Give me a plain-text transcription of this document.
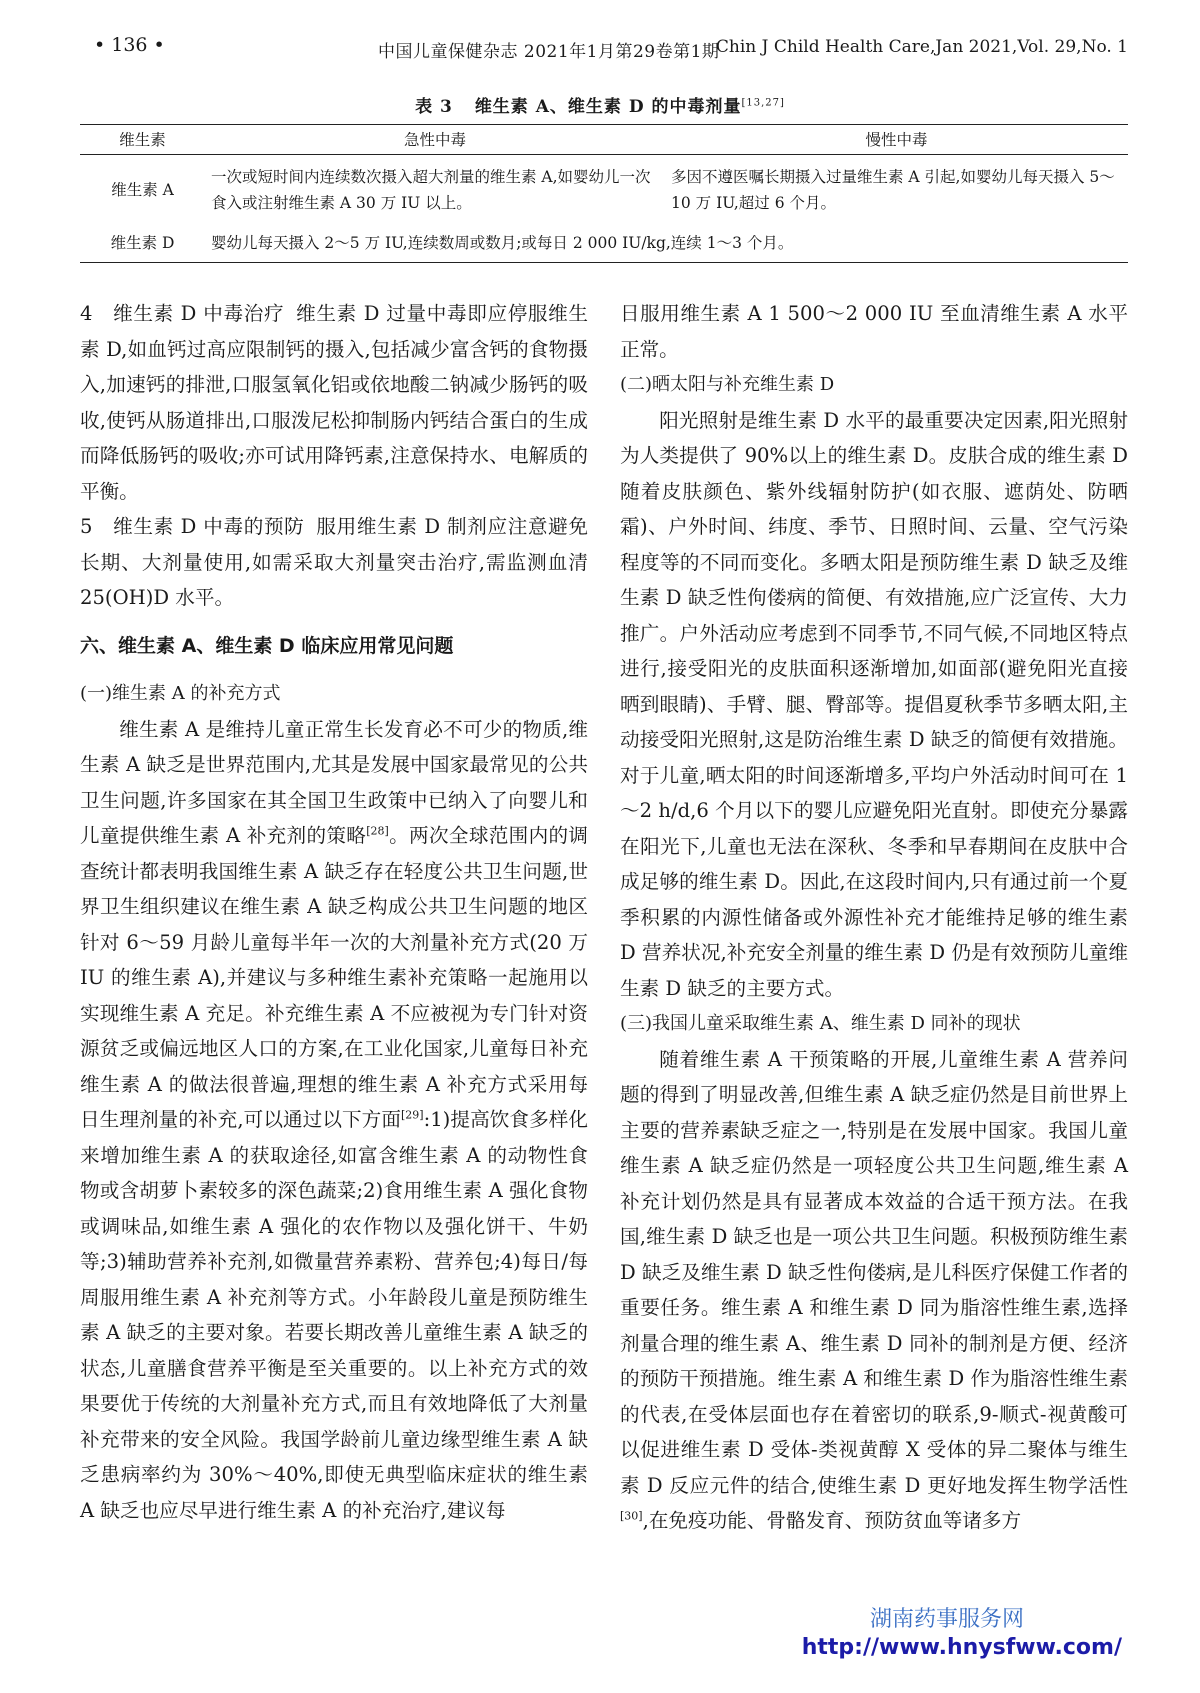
• 136 •	中国儿童保健杂志 2021年1月第29卷第1期
Chin J Child Health Care,Jan 2021,Vol. 29,No. 1
表 3 维生素 A、维生素 D 的中毒剂量[13,27]
维生素	急性中毒	慢性中毒
维生素 A	一次或短时间内连续数次摄入超大剂量的维生素 A,如婴幼儿一次食入或注射维生素 A 30 万 IU 以上。	多因不遵医嘱长期摄入过量维生素 A 引起,如婴幼儿每天摄入 5～10 万 IU,超过 6 个月。
维生素 D	婴幼儿每天摄入 2～5 万 IU,连续数周或数月;或每日 2 000 IU/kg,连续 1～3 个月。	

4 维生素 D 中毒治疗 维生素 D 过量中毒即应停服维生素 D,如血钙过高应限制钙的摄入,包括减少富含钙的食物摄入,加速钙的排泄,口服氢氧化铝或依地酸二钠减少肠钙的吸收,使钙从肠道排出,口服泼尼松抑制肠内钙结合蛋白的生成而降低肠钙的吸收;亦可试用降钙素,注意保持水、电解质的平衡。

5 维生素 D 中毒的预防 服用维生素 D 制剂应注意避免长期、大剂量使用,如需采取大剂量突击治疗,需监测血清 25(OH)D 水平。

六、维生素 A、维生素 D 临床应用常见问题

(一)维生素 A 的补充方式

维生素 A 是维持儿童正常生长发育必不可少的物质,维生素 A 缺乏是世界范围内,尤其是发展中国家最常见的公共卫生问题,许多国家在其全国卫生政策中已纳入了向婴儿和儿童提供维生素 A 补充剂的策略[28]。两次全球范围内的调查统计都表明我国维生素 A 缺乏存在轻度公共卫生问题,世界卫生组织建议在维生素 A 缺乏构成公共卫生问题的地区针对 6～59 月龄儿童每半年一次的大剂量补充方式(20 万 IU 的维生素 A),并建议与多种维生素补充策略一起施用以实现维生素 A 充足。补充维生素 A 不应被视为专门针对资源贫乏或偏远地区人口的方案,在工业化国家,儿童每日补充维生素 A 的做法很普遍,理想的维生素 A 补充方式采用每日生理剂量的补充,可以通过以下方面[29]:1)提高饮食多样化来增加维生素 A 的获取途径,如富含维生素 A 的动物性食物或含胡萝卜素较多的深色蔬菜;2)食用维生素 A 强化食物或调味品,如维生素 A 强化的农作物以及强化饼干、牛奶等;3)辅助营养补充剂,如微量营养素粉、营养包;4)每日/每周服用维生素 A 补充剂等方式。小年龄段儿童是预防维生素 A 缺乏的主要对象。若要长期改善儿童维生素 A 缺乏的状态,儿童膳食营养平衡是至关重要的。以上补充方式的效果要优于传统的大剂量补充方式,而且有效地降低了大剂量补充带来的安全风险。我国学龄前儿童边缘型维生素 A 缺乏患病率约为 30%～40%,即使无典型临床症状的维生素 A 缺乏也应尽早进行维生素 A 的补充治疗,建议每

日服用维生素 A 1 500～2 000 IU 至血清维生素 A 水平正常。

(二)晒太阳与补充维生素 D

阳光照射是维生素 D 水平的最重要决定因素,阳光照射为人类提供了 90%以上的维生素 D。皮肤合成的维生素 D 随着皮肤颜色、紫外线辐射防护(如衣服、遮荫处、防晒霜)、户外时间、纬度、季节、日照时间、云量、空气污染程度等的不同而变化。多晒太阳是预防维生素 D 缺乏及维生素 D 缺乏性佝偻病的简便、有效措施,应广泛宣传、大力推广。户外活动应考虑到不同季节,不同气候,不同地区特点进行,接受阳光的皮肤面积逐渐增加,如面部(避免阳光直接晒到眼睛)、手臂、腿、臀部等。提倡夏秋季节多晒太阳,主动接受阳光照射,这是防治维生素 D 缺乏的简便有效措施。对于儿童,晒太阳的时间逐渐增多,平均户外活动时间可在 1～2 h/d,6 个月以下的婴儿应避免阳光直射。即使充分暴露在阳光下,儿童也无法在深秋、冬季和早春期间在皮肤中合成足够的维生素 D。因此,在这段时间内,只有通过前一个夏季积累的内源性储备或外源性补充才能维持足够的维生素 D 营养状况,补充安全剂量的维生素 D 仍是有效预防儿童维生素 D 缺乏的主要方式。

(三)我国儿童采取维生素 A、维生素 D 同补的现状

随着维生素 A 干预策略的开展,儿童维生素 A 营养问题的得到了明显改善,但维生素 A 缺乏症仍然是目前世界上主要的营养素缺乏症之一,特别是在发展中国家。我国儿童维生素 A 缺乏症仍然是一项轻度公共卫生问题,维生素 A 补充计划仍然是具有显著成本效益的合适干预方法。在我国,维生素 D 缺乏也是一项公共卫生问题。积极预防维生素 D 缺乏及维生素 D 缺乏性佝偻病,是儿科医疗保健工作者的重要任务。维生素 A 和维生素 D 同为脂溶性维生素,选择剂量合理的维生素 A、维生素 D 同补的制剂是方便、经济的预防干预措施。维生素 A 和维生素 D 作为脂溶性维生素的代表,在受体层面也存在着密切的联系,9-顺式-视黄酸可以促进维生素 D 受体-类视黄醇 X 受体的异二聚体与维生素 D 反应元件的结合,使维生素 D 更好地发挥生物学活性[30],在免疫功能、骨骼发育、预防贫血等诸多方

湖南药事服务网
http://www.hnysfww.com/
